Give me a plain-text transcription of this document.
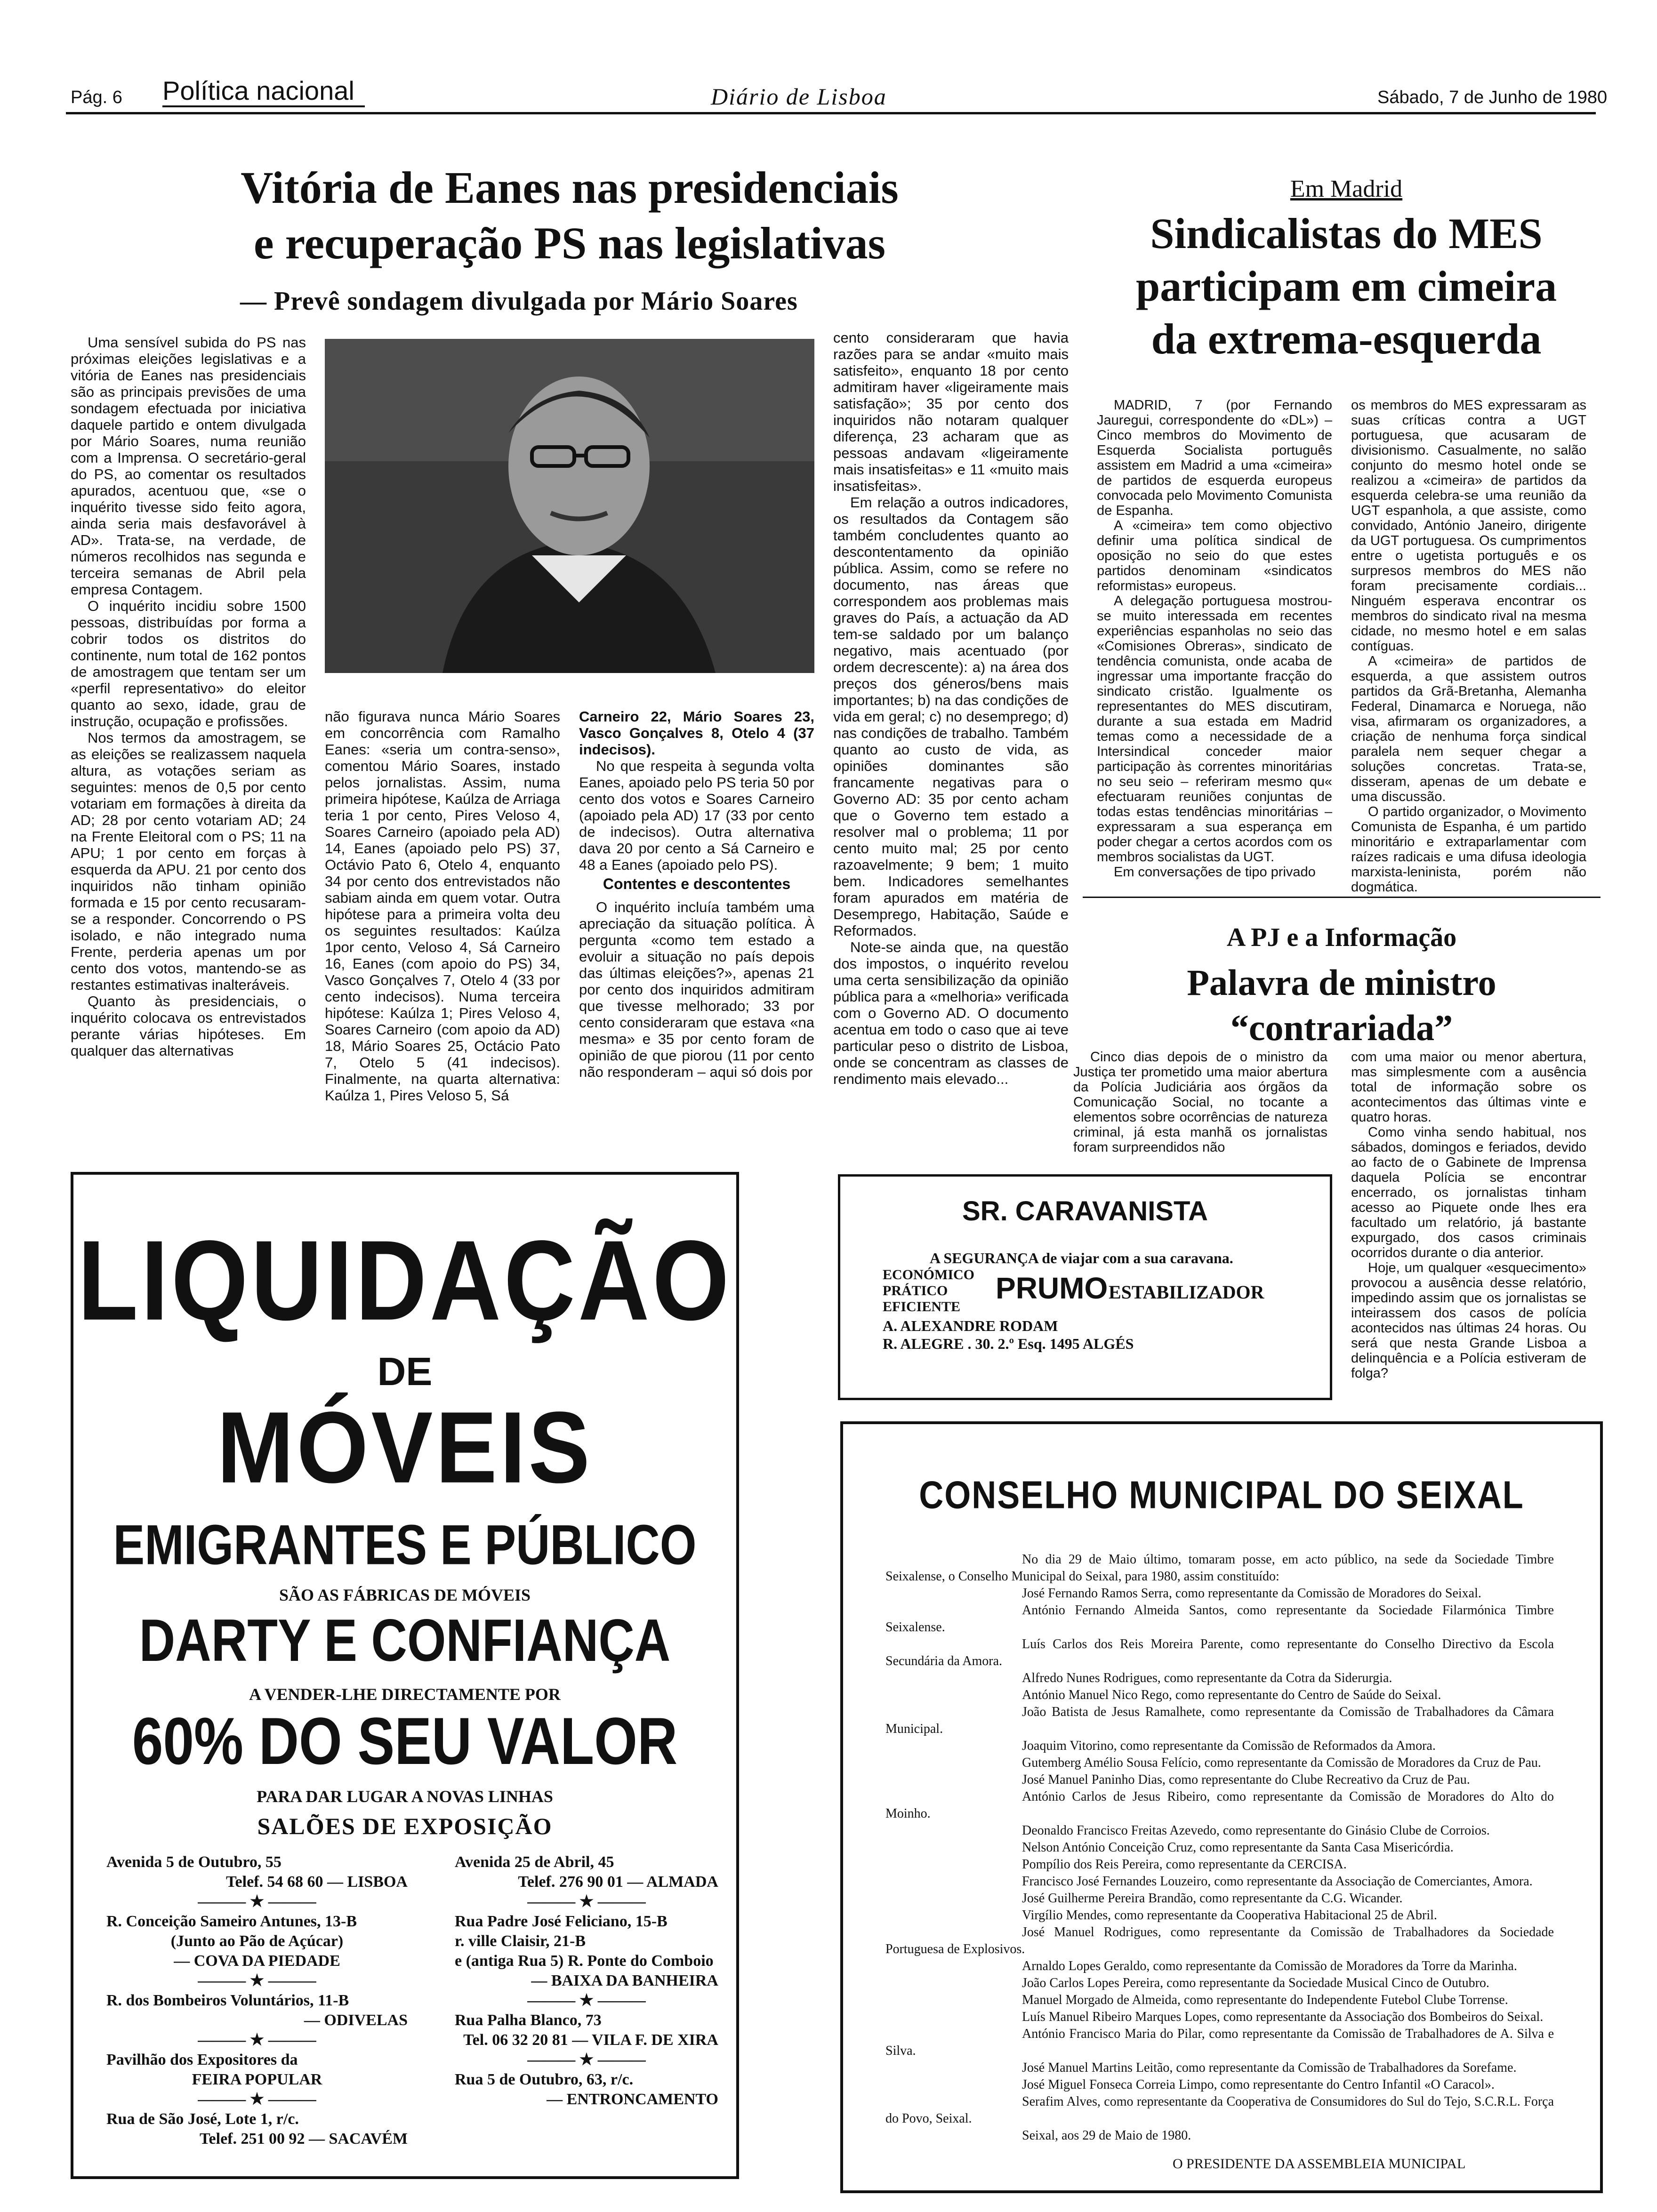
Pág. 6 Política nacional	Diário de Lisboa	Sábado, 7 de Junho de 1980
Vitória de Eanes nas presidenciais
e recuperação PS nas legislativas
— Prevê sondagem divulgada por Mário Soares

Uma sensível subida do PS nas próximas eleições legislativas e a vitória de Eanes nas presidenciais são as principais previsões de uma sondagem efectuada por iniciativa daquele partido e ontem divulgada por Mário Soares, numa reunião com a Imprensa. O secretário-geral do PS, ao comentar os resultados apurados, acentuou que, «se o inquérito tivesse sido feito agora, ainda seria mais desfavorável à AD». Trata-se, na verdade, de números recolhidos nas segunda e terceira semanas de Abril pela empresa Contagem.

O inquérito incidiu sobre 1500 pessoas, distribuídas por forma a cobrir todos os distritos do continente, num total de 162 pontos de amostragem que tentam ser um «perfil representativo» do eleitor quanto ao sexo, idade, grau de instrução, ocupação e profissões.

Nos termos da amostragem, se as eleições se realizassem naquela altura, as votações seriam as seguintes: menos de 0,5 por cento votariam em formações à direita da AD; 28 por cento votariam AD; 24 na Frente Eleitoral com o PS; 11 na APU; 1 por cento em forças à esquerda da APU. 21 por cento dos inquiridos não tinham opinião formada e 15 por cento recusaram-se a responder. Concorrendo o PS isolado, e não integrado numa Frente, perderia apenas um por cento dos votos, mantendo-se as restantes estimativas inalteráveis.

Quanto às presidenciais, o inquérito colocava os entrevistados perante várias hipóteses. Em qualquer das alternativas

não figurava nunca Mário Soares em concorrência com Ramalho Eanes: «seria um contra-senso», comentou Mário Soares, instado pelos jornalistas. Assim, numa primeira hipótese, Kaúlza de Arriaga teria 1 por cento, Pires Veloso 4, Soares Carneiro (apoiado pela AD) 14, Eanes (apoiado pelo PS) 37, Octávio Pato 6, Otelo 4, enquanto 34 por cento dos entrevistados não sabiam ainda em quem votar. Outra hipótese para a primeira volta deu os seguintes resultados: Kaúlza 1por cento, Veloso 4, Sá Carneiro 16, Eanes (com apoio do PS) 34, Vasco Gonçalves 7, Otelo 4 (33 por cento indecisos). Numa terceira hipótese: Kaúlza 1; Pires Veloso 4, Soares Carneiro (com apoio da AD) 18, Mário Soares 25, Octácio Pato 7, Otelo 5 (41 indecisos). Finalmente, na quarta alternativa: Kaúlza 1, Pires Veloso 5, Sá

Carneiro 22, Mário Soares 23, Vasco Gonçalves 8, Otelo 4 (37 indecisos).

No que respeita à segunda volta Eanes, apoiado pelo PS teria 50 por cento dos votos e Soares Carneiro (apoiado pela AD) 17 (33 por cento de indecisos). Outra alternativa dava 20 por cento a Sá Carneiro e 48 a Eanes (apoiado pelo PS).

Contentes e descontentes

O inquérito incluía também uma apreciação da situação política. À pergunta «como tem estado a evoluir a situação no país depois das últimas eleições?», apenas 21 por cento dos inquiridos admitiram que tivesse melhorado; 33 por cento consideraram que estava «na mesma» e 35 por cento foram de opinião de que piorou (11 por cento não responderam – aqui só dois por

cento consideraram que havia razões para se andar «muito mais satisfeito», enquanto 18 por cento admitiram haver «ligeiramente mais satisfação»; 35 por cento dos inquiridos não notaram qualquer diferença, 23 acharam que as pessoas andavam «ligeiramente mais insatisfeitas» e 11 «muito mais insatisfeitas».

Em relação a outros indicadores, os resultados da Contagem são também concludentes quanto ao descontentamento da opinião pública. Assim, como se refere no documento, nas áreas que correspondem aos problemas mais graves do País, a actuação da AD tem-se saldado por um balanço negativo, mais acentuado (por ordem decrescente): a) na área dos preços dos géneros/bens mais importantes; b) na das condições de vida em geral; c) no desemprego; d) nas condições de trabalho. Também quanto ao custo de vida, as opiniões dominantes são francamente negativas para o Governo AD: 35 por cento acham que o Governo tem estado a resolver mal o problema; 11 por cento muito mal; 25 por cento razoavelmente; 9 bem; 1 muito bem. Indicadores semelhantes foram apurados em matéria de Desemprego, Habitação, Saúde e Reformados.

Note-se ainda que, na questão dos impostos, o inquérito revelou uma certa sensibilização da opinião pública para a «melhoria» verificada com o Governo AD. O documento acentua em todo o caso que ai teve particular peso o distrito de Lisboa, onde se concentram as classes de rendimento mais elevado...

Em Madrid
Sindicalistas do MES
participam em cimeira
da extrema-esquerda

MADRID, 7 (por Fernando Jauregui, correspondente do «DL») – Cinco membros do Movimento de Esquerda Socialista português assistem em Madrid a uma «cimeira» de partidos de esquerda europeus convocada pelo Movimento Comunista de Espanha.

A «cimeira» tem como objectivo definir uma política sindical de oposição no seio do que estes partidos denominam «sindicatos reformistas» europeus.

A delegação portuguesa mostrou-se muito interessada em recentes experiências espanholas no seio das «Comisiones Obreras», sindicato de tendência comunista, onde acaba de ingressar uma importante fracção do sindicato cristão. Igualmente os representantes do MES discutiram, durante a sua estada em Madrid temas como a necessidade de a Intersindical conceder maior participação às correntes minoritárias no seu seio – referiram mesmo qu« efectuaram reuniões conjuntas de todas estas tendências minoritárias – expressaram a sua esperança em poder chegar a certos acordos com os membros socialistas da UGT.

Em conversações de tipo privado

os membros do MES expressaram as suas críticas contra a UGT portuguesa, que acusaram de divisionismo. Casualmente, no salão conjunto do mesmo hotel onde se realizou a «cimeira» de partidos da esquerda celebra-se uma reunião da UGT espanhola, a que assiste, como convidado, António Janeiro, dirigente da UGT portuguesa. Os cumprimentos entre o ugetista português e os surpresos membros do MES não foram precisamente cordiais... Ninguém esperava encontrar os membros do sindicato rival na mesma cidade, no mesmo hotel e em salas contíguas.

A «cimeira» de partidos de esquerda, a que assistem outros partidos da Grã-Bretanha, Alemanha Federal, Dinamarca e Noruega, não visa, afirmaram os organizadores, a criação de nenhuma força sindical paralela nem sequer chegar a soluções concretas. Trata-se, disseram, apenas de um debate e uma discussão.

O partido organizador, o Movimento Comunista de Espanha, é um partido minoritário e extraparlamentar com raízes radicais e uma difusa ideologia marxista-leninista, porém não dogmática.

A PJ e a Informação
Palavra de ministro
“contrariada”

Cinco dias depois de o ministro da Justiça ter prometido uma maior abertura da Polícia Judiciária aos órgãos da Comunicação Social, no tocante a elementos sobre ocorrências de natureza criminal, já esta manhã os jornalistas foram surpreendidos não

com uma maior ou menor abertura, mas simplesmente com a ausência total de informação sobre os acontecimentos das últimas vinte e quatro horas.

Como vinha sendo habitual, nos sábados, domingos e feriados, devido ao facto de o Gabinete de Imprensa daquela Polícia se encontrar encerrado, os jornalistas tinham acesso ao Piquete onde lhes era facultado um relatório, já bastante expurgado, dos casos criminais ocorridos durante o dia anterior.

Hoje, um qualquer «esquecimento» provocou a ausência desse relatório, impedindo assim que os jornalistas se inteirassem dos casos de polícia acontecidos nas últimas 24 horas. Ou será que nesta Grande Lisboa a delinquência e a Polícia estiveram de folga?

LIQUIDAÇÃO
DE
MÓVEIS
EMIGRANTES E PÚBLICO
SÃO AS FÁBRICAS DE MÓVEIS
DARTY E CONFIANÇA
A VENDER-LHE DIRECTAMENTE POR
60% DO SEU VALOR
PARA DAR LUGAR A NOVAS LINHAS
SALÕES DE EXPOSIÇÃO
Avenida 5 de Outubro, 55
Telef. 54 68 60 — LISBOA
——— ★ ———
R. Conceição Sameiro Antunes, 13-B
(Junto ao Pão de Açúcar)
— COVA DA PIEDADE
——— ★ ———
R. dos Bombeiros Voluntários, 11-B
— ODIVELAS
——— ★ ———
Pavilhão dos Expositores da
FEIRA POPULAR
——— ★ ———
Rua de São José, Lote 1, r/c.
Telef. 251 00 92 — SACAVÉM
Avenida 25 de Abril, 45
Telef. 276 90 01 — ALMADA
——— ★ ———
Rua Padre José Feliciano, 15-B
r. ville Claisir, 21-B
e (antiga Rua 5) R. Ponte do Comboio
— BAIXA DA BANHEIRA
——— ★ ———
Rua Palha Blanco, 73
Tel. 06 32 20 81 — VILA F. DE XIRA
——— ★ ———
Rua 5 de Outubro, 63, r/c.
— ENTRONCAMENTO
SR. CARAVANISTA
A SEGURANÇA de viajar com a sua caravana.
ECONÓMICO
PRÁTICO
EFICIENTE
PRUMO ESTABILIZADOR
A. ALEXANDRE RODAM
R. ALEGRE . 30. 2.º Esq. 1495 ALGÉS
CONSELHO MUNICIPAL DO SEIXAL

No dia 29 de Maio último, tomaram posse, em acto público, na sede da Sociedade Timbre Seixalense, o Conselho Municipal do Seixal, para 1980, assim constituído:

José Fernando Ramos Serra, como representante da Comissão de Moradores do Seixal.

António Fernando Almeida Santos, como representante da Sociedade Filarmónica Timbre Seixalense.

Luís Carlos dos Reis Moreira Parente, como representante do Conselho Directivo da Escola Secundária da Amora.

Alfredo Nunes Rodrigues, como representante da Cotra da Siderurgia.

António Manuel Nico Rego, como representante do Centro de Saúde do Seixal.

João Batista de Jesus Ramalhete, como representante da Comissão de Trabalhadores da Câmara Municipal.

Joaquim Vitorino, como representante da Comissão de Reformados da Amora.

Gutemberg Amélio Sousa Felício, como representante da Comissão de Moradores da Cruz de Pau.

José Manuel Paninho Dias, como representante do Clube Recreativo da Cruz de Pau.

António Carlos de Jesus Ribeiro, como representante da Comissão de Moradores do Alto do Moinho.

Deonaldo Francisco Freitas Azevedo, como representante do Ginásio Clube de Corroios.

Nelson António Conceição Cruz, como representante da Santa Casa Misericórdia.

Pompílio dos Reis Pereira, como representante da CERCISA.

Francisco José Fernandes Louzeiro, como representante da Associação de Comerciantes, Amora.

José Guilherme Pereira Brandão, como representante da C.G. Wicander.

Virgílio Mendes, como representante da Cooperativa Habitacional 25 de Abril.

José Manuel Rodrigues, como representante da Comissão de Trabalhadores da Sociedade Portuguesa de Explosivos.

Arnaldo Lopes Geraldo, como representante da Comissão de Moradores da Torre da Marinha.

João Carlos Lopes Pereira, como representante da Sociedade Musical Cinco de Outubro.

Manuel Morgado de Almeida, como representante do Independente Futebol Clube Torrense.

Luís Manuel Ribeiro Marques Lopes, como representante da Associação dos Bombeiros do Seixal.

António Francisco Maria do Pilar, como representante da Comissão de Trabalhadores de A. Silva e Silva.

José Manuel Martins Leitão, como representante da Comissão de Trabalhadores da Sorefame.

José Miguel Fonseca Correia Limpo, como representante do Centro Infantil «O Caracol».

Serafim Alves, como representante da Cooperativa de Consumidores do Sul do Tejo, S.C.R.L. Força do Povo, Seixal.

Seixal, aos 29 de Maio de 1980.

O PRESIDENTE DA ASSEMBLEIA MUNICIPAL
